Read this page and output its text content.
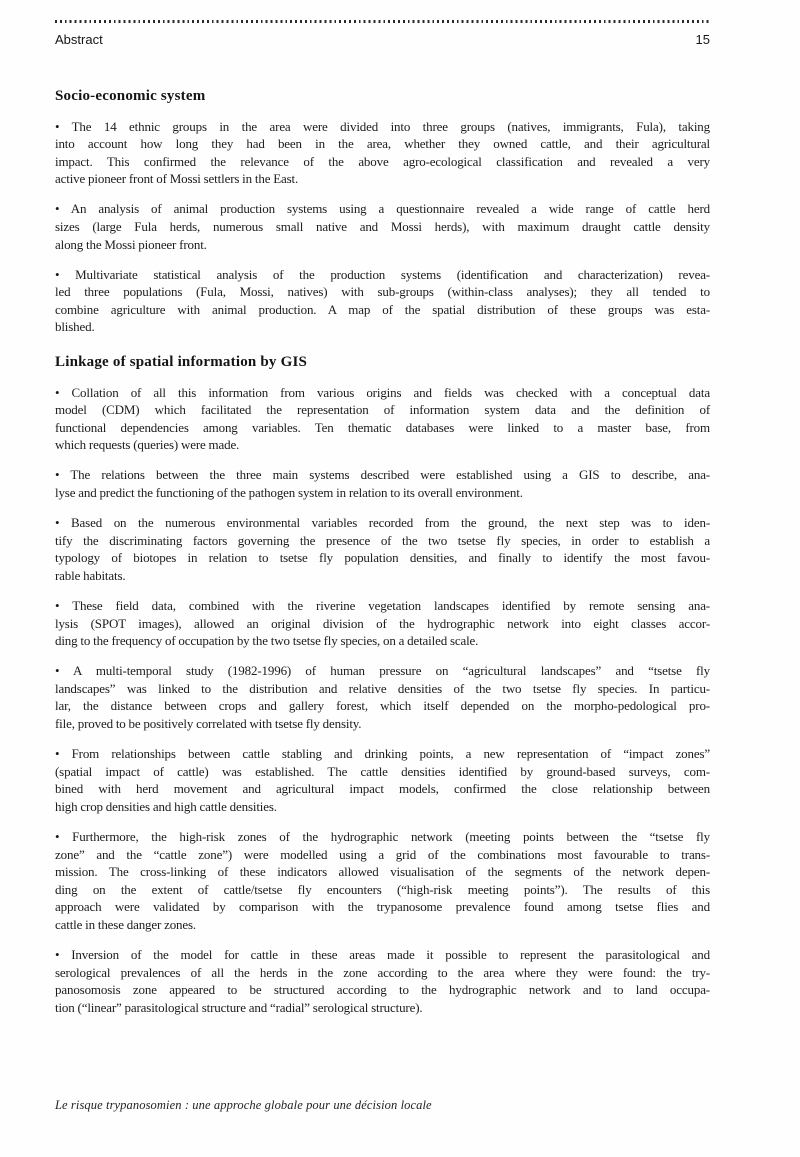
Abstract	15
Socio-economic system
• The 14 ethnic groups in the area were divided into three groups (natives, immigrants, Fula), taking
into account how long they had been in the area, whether they owned cattle, and their agricultural
impact. This confirmed the relevance of the above agro-ecological classification and revealed a very
active pioneer front of Mossi settlers in the East.
• An analysis of animal production systems using a questionnaire revealed a wide range of cattle herd
sizes (large Fula herds, numerous small native and Mossi herds), with maximum draught cattle density
along the Mossi pioneer front.
• Multivariate statistical analysis of the production systems (identification and characterization) revea-
led three populations (Fula, Mossi, natives) with sub-groups (within-class analyses); they all tended to
combine agriculture with animal production. A map of the spatial distribution of these groups was esta-
blished.
Linkage of spatial information by GIS
• Collation of all this information from various origins and fields was checked with a conceptual data
model (CDM) which facilitated the representation of information system data and the definition of
functional dependencies among variables. Ten thematic databases were linked to a master base, from
which requests (queries) were made.
• The relations between the three main systems described were established using a GIS to describe, ana-
lyse and predict the functioning of the pathogen system in relation to its overall environment.
• Based on the numerous environmental variables recorded from the ground, the next step was to iden-
tify the discriminating factors governing the presence of the two tsetse fly species, in order to establish a
typology of biotopes in relation to tsetse fly population densities, and finally to identify the most favou-
rable habitats.
• These field data, combined with the riverine vegetation landscapes identified by remote sensing ana-
lysis (SPOT images), allowed an original division of the hydrographic network into eight classes accor-
ding to the frequency of occupation by the two tsetse fly species, on a detailed scale.
• A multi-temporal study (1982-1996) of human pressure on “agricultural landscapes” and “tsetse fly
landscapes” was linked to the distribution and relative densities of the two tsetse fly species. In particu-
lar, the distance between crops and gallery forest, which itself depended on the morpho-pedological pro-
file, proved to be positively correlated with tsetse fly density.
• From relationships between cattle stabling and drinking points, a new representation of “impact zones”
(spatial impact of cattle) was established. The cattle densities identified by ground-based surveys, com-
bined with herd movement and agricultural impact models, confirmed the close relationship between
high crop densities and high cattle densities.
• Furthermore, the high-risk zones of the hydrographic network (meeting points between the “tsetse fly
zone” and the “cattle zone”) were modelled using a grid of the combinations most favourable to trans-
mission. The cross-linking of these indicators allowed visualisation of the segments of the network depen-
ding on the extent of cattle/tsetse fly encounters (“high-risk meeting points”). The results of this
approach were validated by comparison with the trypanosome prevalence found among tsetse flies and
cattle in these danger zones.
• Inversion of the model for cattle in these areas made it possible to represent the parasitological and
serological prevalences of all the herds in the zone according to the area where they were found: the try-
panosomosis zone appeared to be structured according to the hydrographic network and to land occupa-
tion (“linear” parasitological structure and “radial” serological structure).
Le risque trypanosomien : une approche globale pour une décision locale
